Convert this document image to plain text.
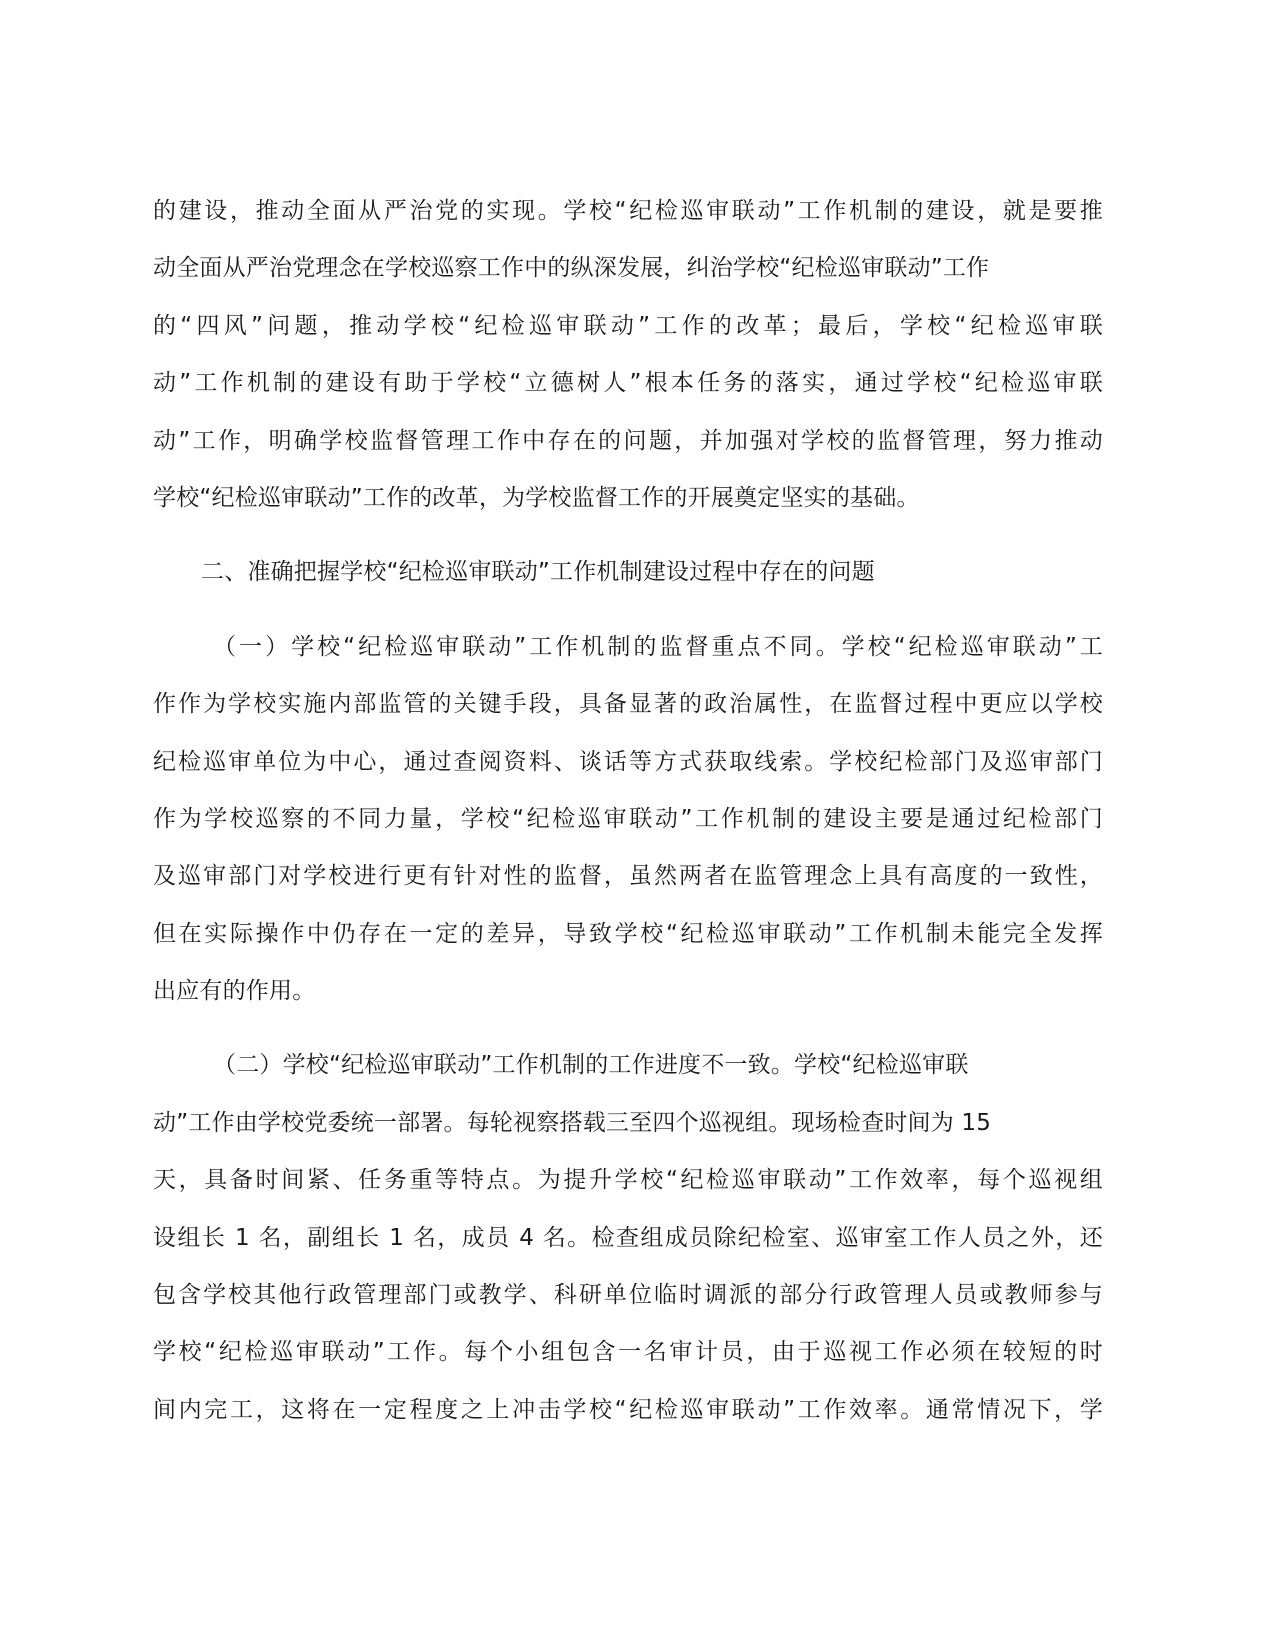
的建设，推动全面从严治党的实现。学校“纪检巡审联动”工作机制的建设，就是要推
动全面从严治党理念在学校巡察工作中的纵深发展，纠治学校“纪检巡审联动”工作
的“四风”问题，推动学校“纪检巡审联动”工作的改革；最后，学校“纪检巡审联
动”工作机制的建设有助于学校“立德树人”根本任务的落实，通过学校“纪检巡审联
动”工作，明确学校监督管理工作中存在的问题，并加强对学校的监督管理，努力推动
学校“纪检巡审联动”工作的改革，为学校监督工作的开展奠定坚实的基础。
二、准确把握学校“纪检巡审联动”工作机制建设过程中存在的问题
（一）学校“纪检巡审联动”工作机制的监督重点不同。学校“纪检巡审联动”工
作作为学校实施内部监管的关键手段，具备显著的政治属性，在监督过程中更应以学校
纪检巡审单位为中心，通过查阅资料、谈话等方式获取线索。学校纪检部门及巡审部门
作为学校巡察的不同力量，学校“纪检巡审联动”工作机制的建设主要是通过纪检部门
及巡审部门对学校进行更有针对性的监督，虽然两者在监管理念上具有高度的一致性，
但在实际操作中仍存在一定的差异，导致学校“纪检巡审联动”工作机制未能完全发挥
出应有的作用。
（二）学校“纪检巡审联动”工作机制的工作进度不一致。学校“纪检巡审联
动”工作由学校党委统一部署。每轮视察搭载三至四个巡视组。现场检查时间为 15
天，具备时间紧、任务重等特点。为提升学校“纪检巡审联动”工作效率，每个巡视组
设组长 1 名，副组长 1 名，成员 4 名。检查组成员除纪检室、巡审室工作人员之外，还
包含学校其他行政管理部门或教学、科研单位临时调派的部分行政管理人员或教师参与
学校“纪检巡审联动”工作。每个小组包含一名审计员，由于巡视工作必须在较短的时
间内完工，这将在一定程度之上冲击学校“纪检巡审联动”工作效率。通常情况下，学
